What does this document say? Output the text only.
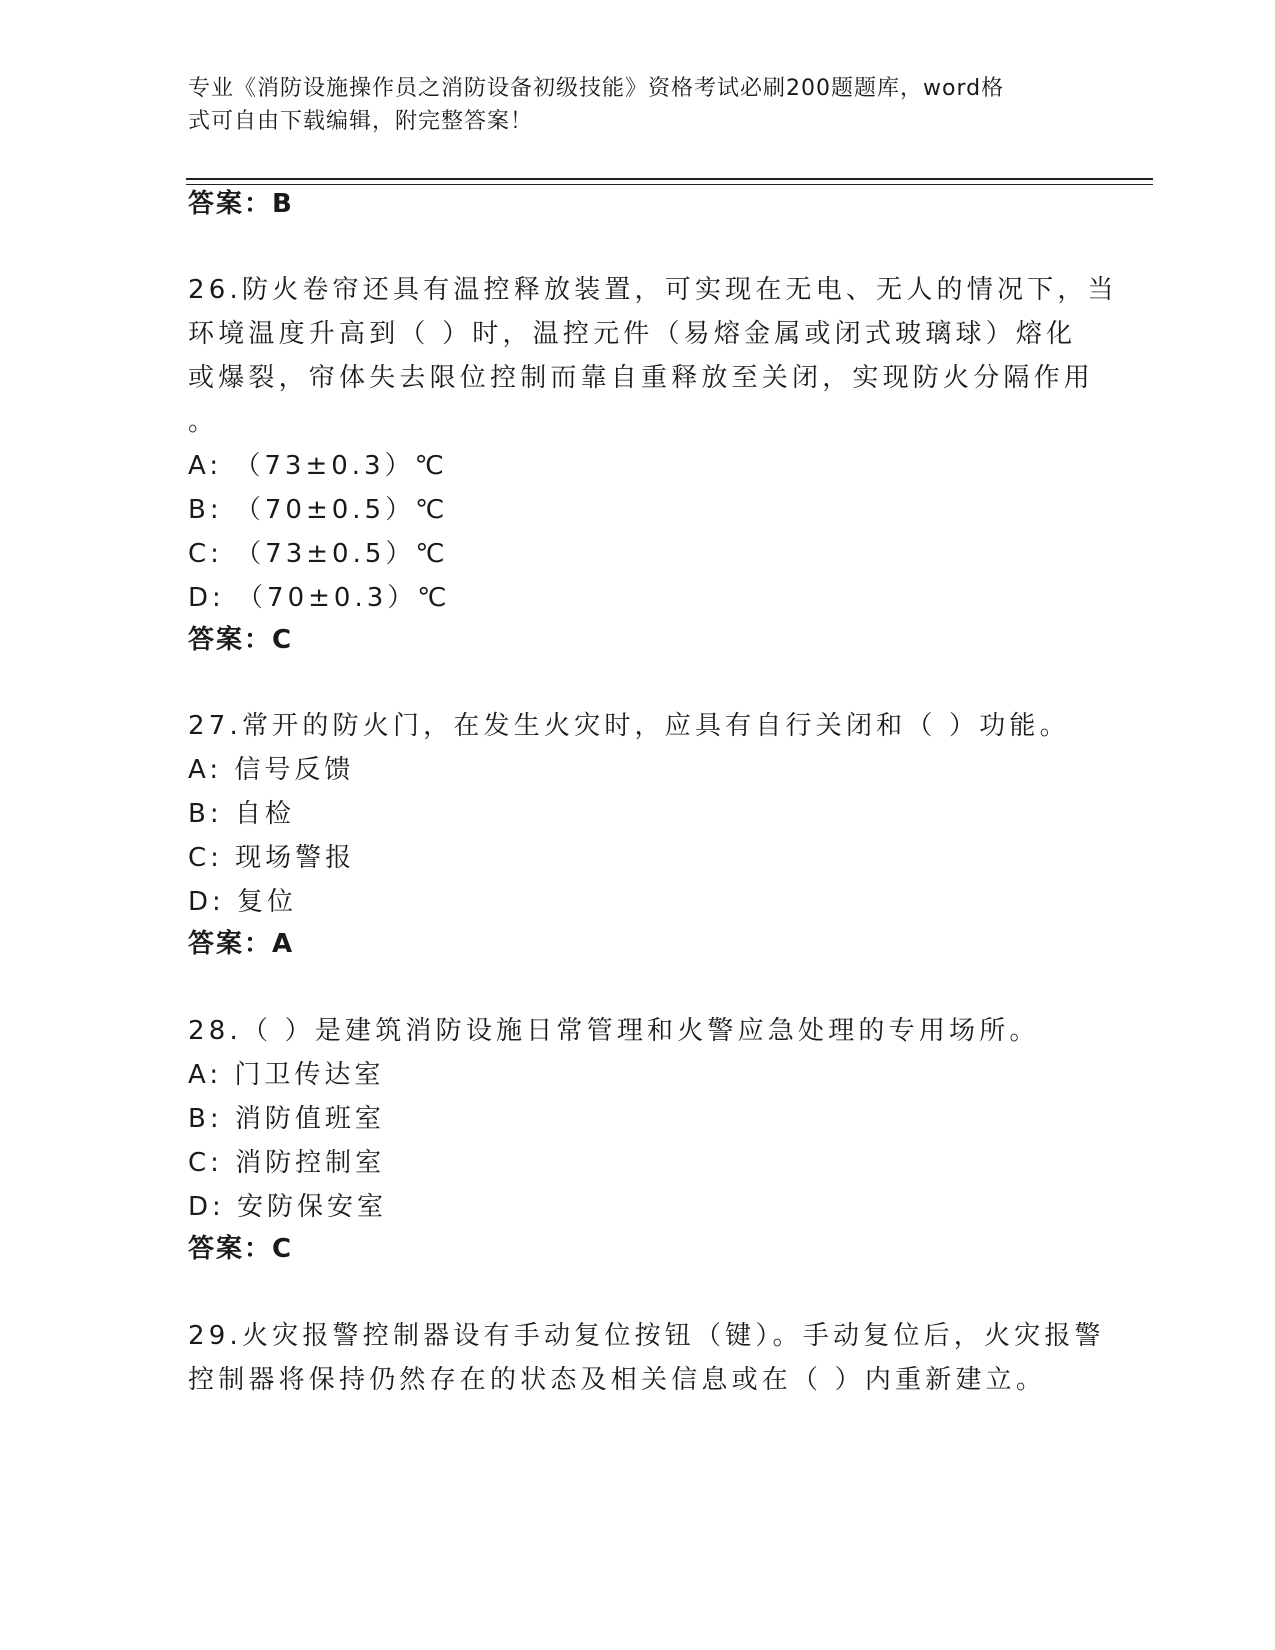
专业《消防设施操作员之消防设备初级技能》资格考试必刷200题题库，word格
式可自由下载编辑，附完整答案！
答案：B
26.防火卷帘还具有温控释放装置，可实现在无电、无人的情况下，当
环境温度升高到（ ）时，温控元件（易熔金属或闭式玻璃球）熔化
或爆裂，帘体失去限位控制而靠自重释放至关闭，实现防火分隔作用
。
A: （73±0.3）℃
B: （70±0.5）℃
C: （73±0.5）℃
D: （70±0.3）℃
答案：C
27.常开的防火门，在发生火灾时，应具有自行关闭和（ ）功能。
A: 信号反馈
B: 自检
C: 现场警报
D: 复位
答案：A
28.（ ）是建筑消防设施日常管理和火警应急处理的专用场所。
A: 门卫传达室
B: 消防值班室
C: 消防控制室
D: 安防保安室
答案：C
29.火灾报警控制器设有手动复位按钮（键）。手动复位后，火灾报警
控制器将保持仍然存在的状态及相关信息或在（ ）内重新建立。
